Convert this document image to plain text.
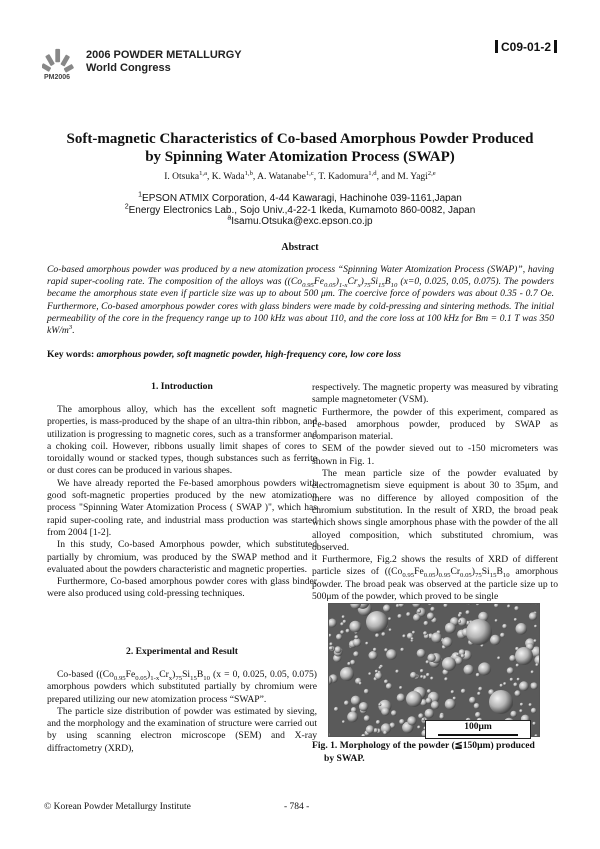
PM2006
2006 POWDER METALLURGY
World Congress
C09-01-2
Soft-magnetic Characteristics of Co-based Amorphous Powder Produced
by Spinning Water Atomization Process (SWAP)
I. Otsuka$^{1,a}$, K. Wada$^{1,b}$, A. Watanabe$^{1,c}$, T. Kadomura$^{1,d}$, and M. Yagi$^{2,e}$
$^1$EPSON ATMIX Corporation, 4-44 Kawaragi, Hachinohe 039-1161,Japan
$^2$Energy Electronics Lab., Sojo Univ.,4-22-1 Ikeda, Kumamoto 860-0082, Japan
$^a$Isamu.Otsuka@exc.epson.co.jp
Abstract
Co-based amorphous powder was produced by a new atomization process “Spinning Water Atomization Process (SWAP)”, having rapid super-cooling rate. The composition of the alloys was $((Co_{0.95}Fe_{0.05})_{1-x}Cr_x)_{75}Si_{15}B_{10}$ (x=0, 0.025, 0.05, 0.075). The powders became the amorphous state even if particle size was up to about 500 μm. The coercive force of powders was about 0.35 - 0.7 Oe. Furthermore, Co-based amorphous powder cores with glass binders were made by cold-pressing and sintering methods. The initial permeability of the core in the frequency range up to 100 kHz was about 110, and the core loss at 100 kHz for Bm = 0.1 T was 350 $kW/m^3$.
Key words: amorphous powder, soft magnetic powder, high-frequency core, low core loss
1. Introduction

The amorphous alloy, which has the excellent soft magnetic properties, is mass-produced by the shape of an ultra-thin ribbon, and utilization is progressing to magnetic cores, such as a transformer and a choking coil. However, ribbons usually limit shapes of cores to toroidally wound or stacked types, though substances such as ferrite or dust cores can be produced in various shapes.

We have already reported the Fe-based amorphous powders with good soft-magnetic properties produced by the new atomization process "Spinning Water Atomization Process ( SWAP )", which has rapid super-cooling rate, and industrial mass production was started from 2004 [1-2].

In this study, Co-based Amorphous powder, which substituted partially by chromium, was produced by the SWAP method and it evaluated about the powders characteristic and magnetic properties.

Furthermore, Co-based amorphous powder cores with glass binder were also produced using cold-pressing techniques.

2. Experimental and Result

Co-based $((Co_{0.95}Fe_{0.05})_{1-x}Cr_x)_{75}Si_{15}B_{10}$ (x = 0, 0.025, 0.05, 0.075) amorphous powders which substituted partially by chromium were prepared utilizing our new atomization process “SWAP”.

The particle size distribution of powder was estimated by sieving, and the morphology and the examination of structure were carried out by using scanning electron microscope (SEM) and X-ray diffractometry (XRD),

respectively. The magnetic property was measured by vibrating sample magnetometer (VSM).

Furthermore, the powder of this experiment, compared as Fe-based amorphous powder, produced by SWAP as comparison material.

SEM of the powder sieved out to -150 micrometers was shown in Fig. 1.

The mean particle size of the powder evaluated by electromagnetism sieve equipment is about 30 to 35μm, and there was no difference by alloyed composition of the chromium substitution. In the result of XRD, the broad peak which shows single amorphous phase with the powder of the all alloyed composition, which substituted chromium, was observed.

Furthermore, Fig.2 shows the results of XRD of different particle sizes of $((Co_{0.95}Fe_{0.05})_{0.95}Cr_{0.05})_{75}Si_{15}B_{10}$ amorphous powder. The broad peak was observed at the particle size up to 500μm of the powder, which proved to be single

100μm
Fig. 1. Morphology of the powder (≦150μm) produced
by SWAP.
© Korean Powder Metallurgy Institute	- 784 -
